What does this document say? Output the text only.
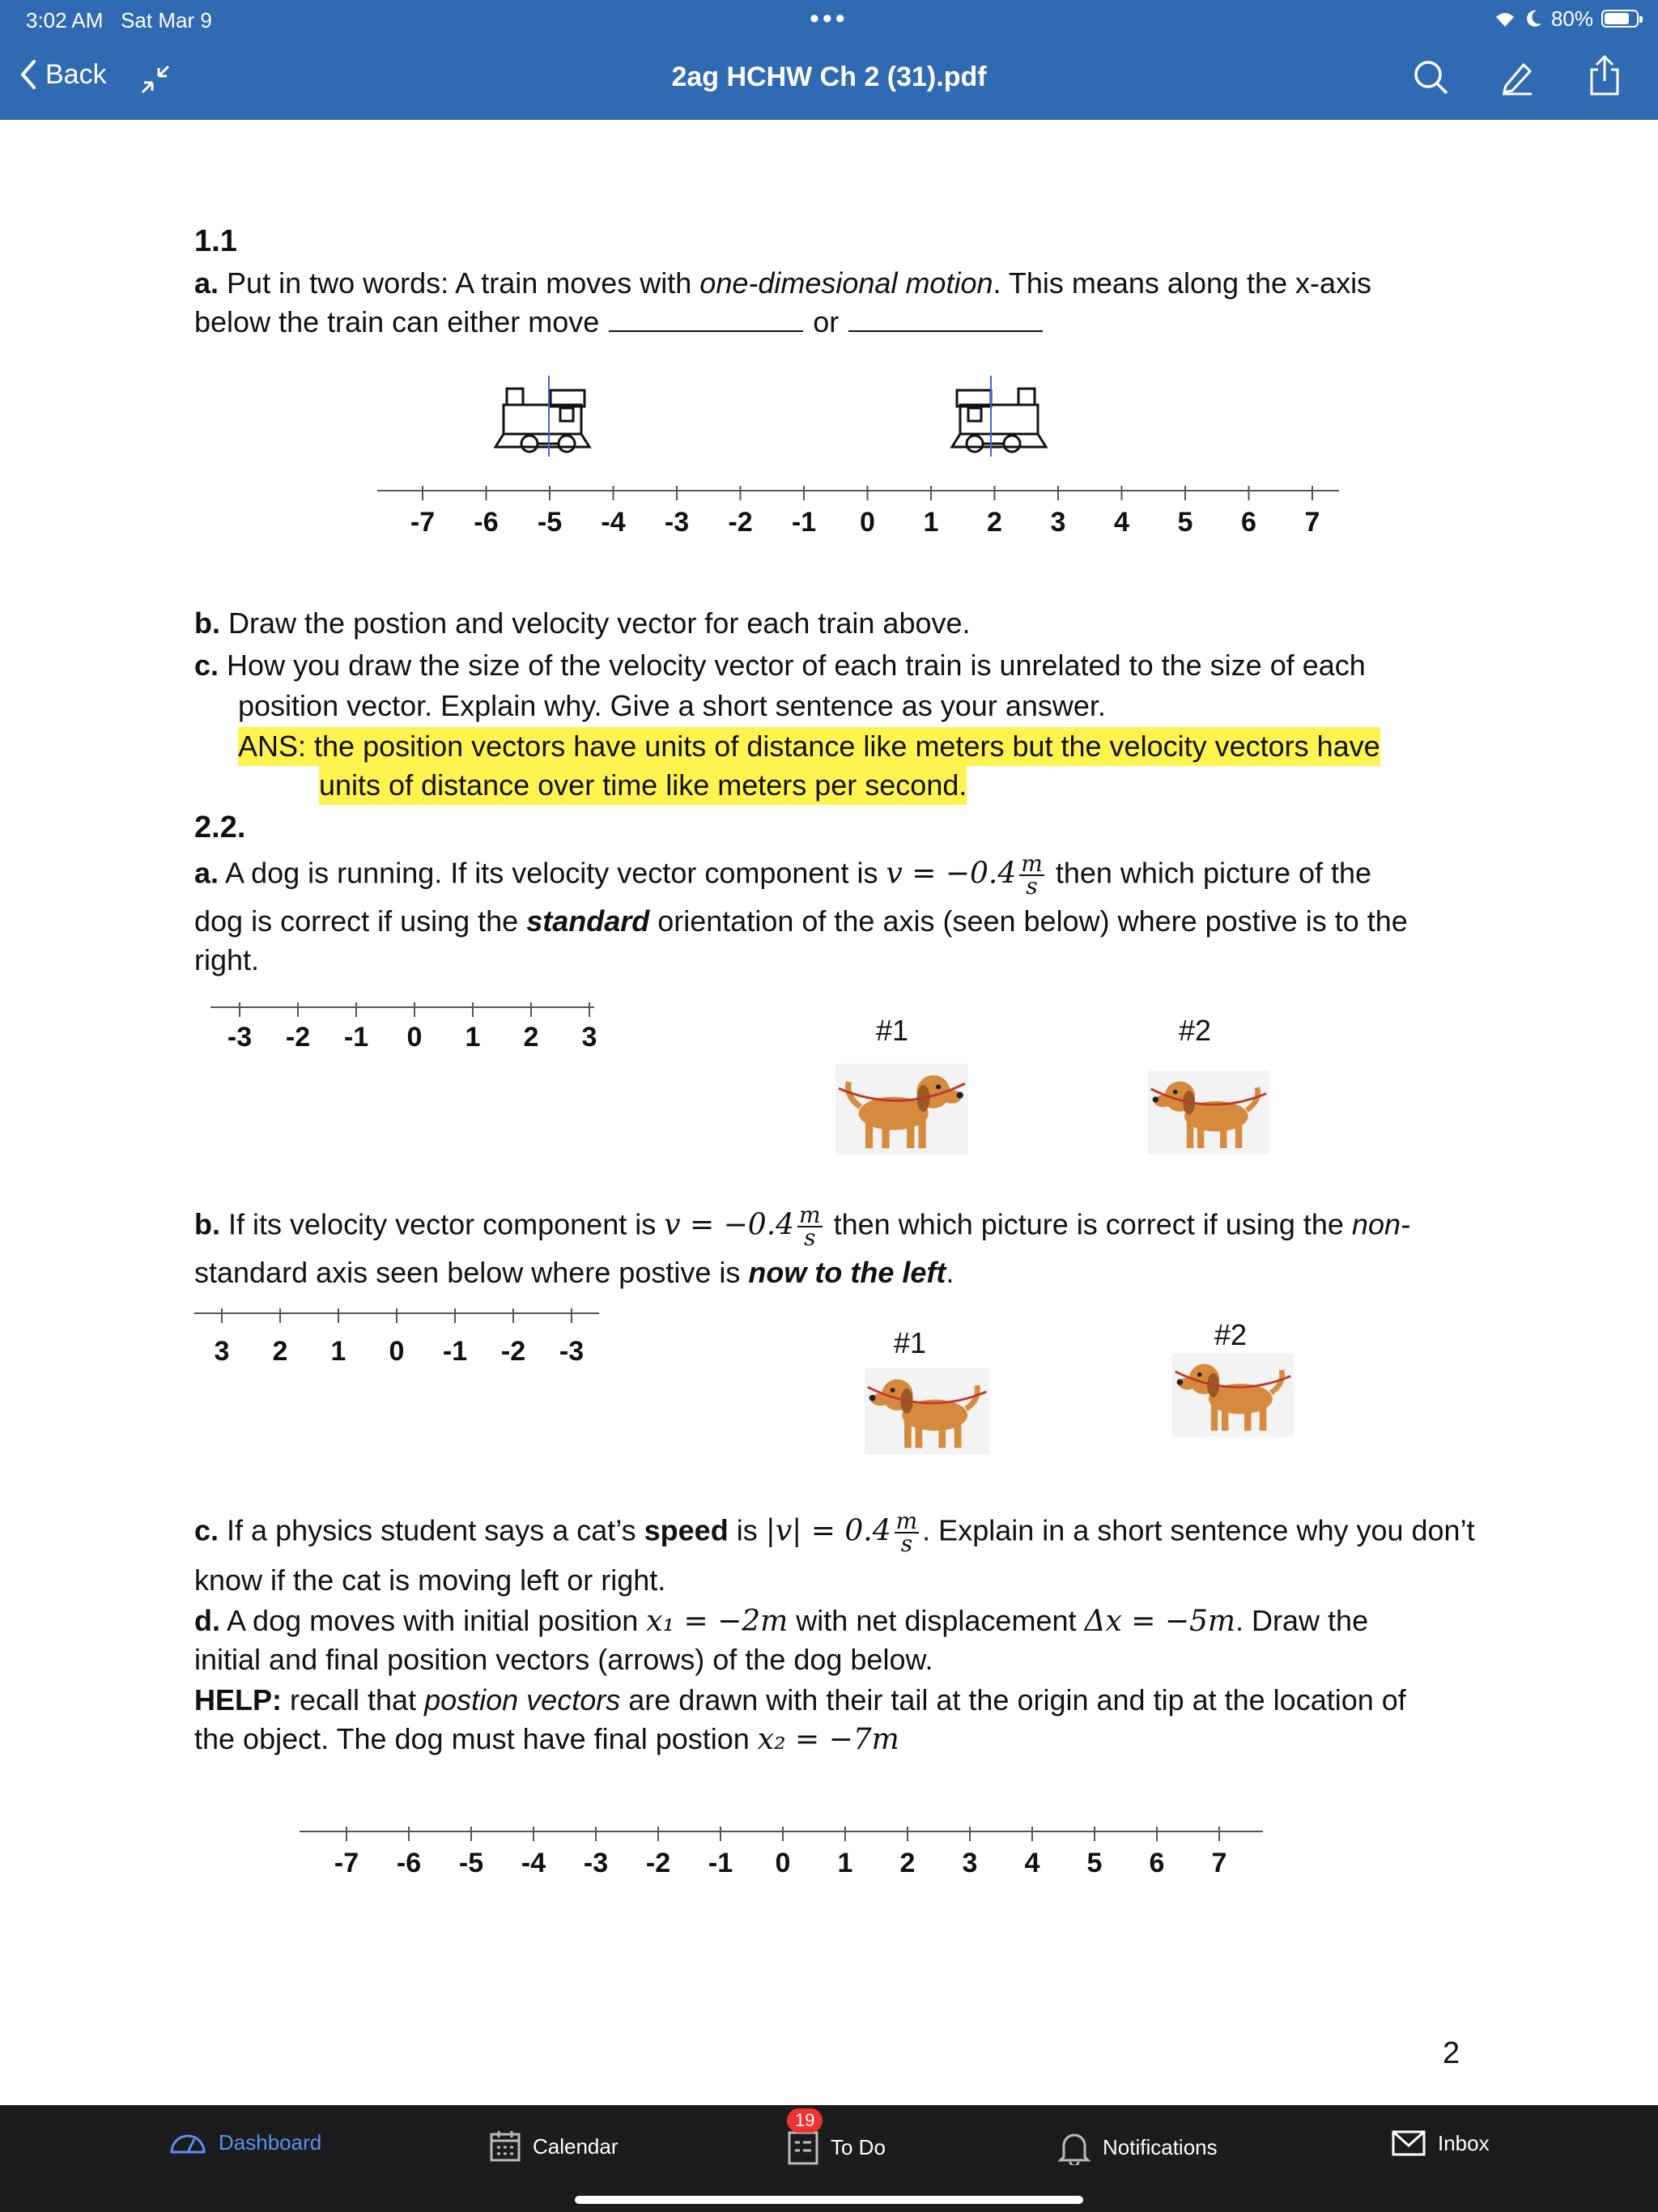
3:02 AM Sat Mar 9	•••	80%
Back	2ag HCHW Ch 2 (31).pdf
1.1
a. Put in two words: A train moves with one-dimesional motion. This means along the x-axis
below the train can either move	or
-7	-6	-5	-4	-3	-2	-1	0	1	2	3	4	5	6	7
b. Draw the postion and velocity vector for each train above.
c. How you draw the size of the velocity vector of each train is unrelated to the size of each
position vector. Explain why. Give a short sentence as your answer.
ANS: the position vectors have units of distance like meters but the velocity vectors have
units of distance over time like meters per second.
2.2.
a. A dog is running. If its velocity vector component is $v = -0.4 \frac{m}{s}$ then which picture of the
dog is correct if using the standard orientation of the axis (seen below) where postive is to the
right.
-3	-2	-1	0	1	2	3	#1	#2
b. If its velocity vector component is $v = -0.4 \frac{m}{s}$ then which picture is correct if using the non-
standard axis seen below where postive is now to the left.
3	2	1	0	-1	-2	-3	#1	#2
c. If a physics student says a cat’s speed is $|v| = 0.4 \frac{m}{s}$ . Explain in a short sentence why you don’t
know if the cat is moving left or right.
d. A dog moves with initial position x₁ = −2m with net displacement Δx = −5m. Draw the
initial and final position vectors (arrows) of the dog below.
HELP: recall that postion vectors are drawn with their tail at the origin and tip at the location of
the object. The dog must have final postion x₂ = −7m
-7	-6	-5	-4	-3	-2	-1	0	1	2	3	4	5	6	7
2
Dashboard	Calendar
19
To Do	Notifications	Inbox
